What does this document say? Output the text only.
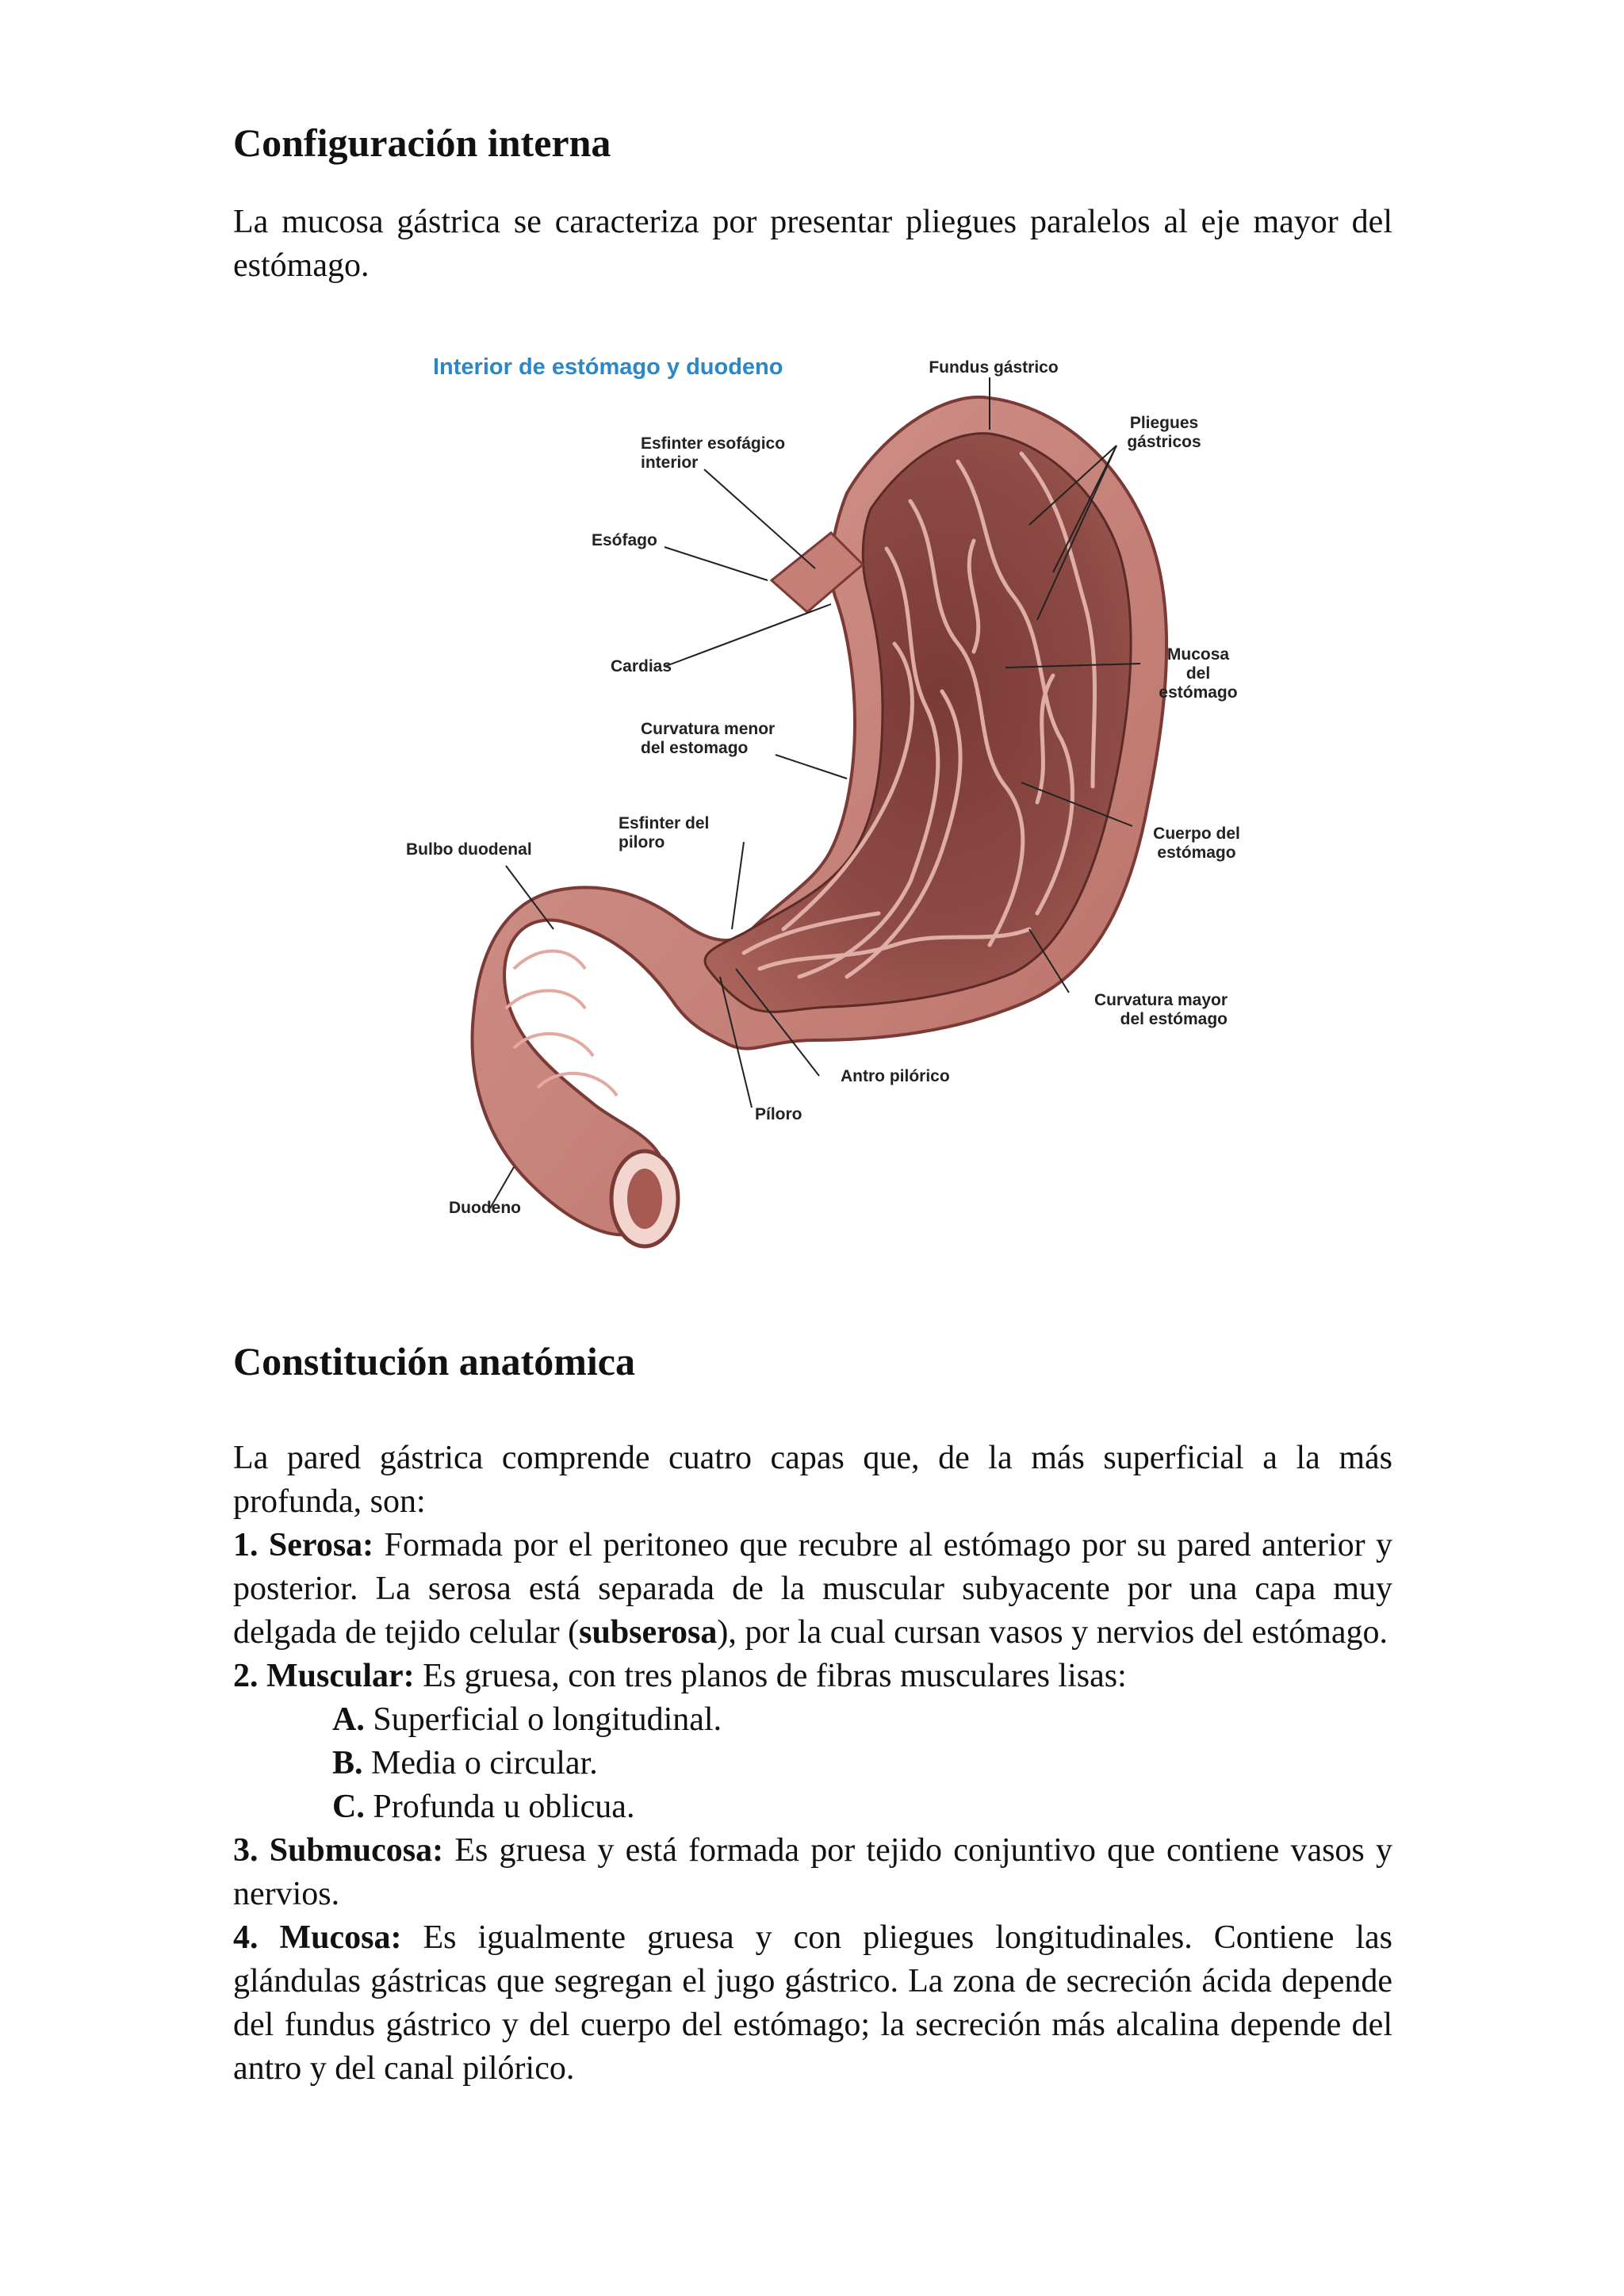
Configuración interna

La mucosa gástrica se caracteriza por presentar pliegues paralelos al eje mayor del estómago.

Interior de estómago y duodeno	Fundus gástrico
Pliegues
gástricos
Esfinter esofágico
interior
Esófago
Cardias
Mucosa
del
estómago
Curvatura menor
del estomago
Esfinter del
piloro
Bulbo duodenal
Cuerpo del
estómago
Curvatura mayor
del estómago
Antro pilórico
Píloro
Duodeno
Constitución anatómica

La pared gástrica comprende cuatro capas que, de la más superficial a la más profunda, son:

1. Serosa: Formada por el peritoneo que recubre al estómago por su pared anterior y posterior. La serosa está separada de la muscular subyacente por una capa muy delgada de tejido celular (subserosa), por la cual cursan vasos y nervios del estómago.

2. Muscular: Es gruesa, con tres planos de fibras musculares lisas:

A. Superficial o longitudinal.

B. Media o circular.

C. Profunda u oblicua.

3. Submucosa: Es gruesa y está formada por tejido conjuntivo que contiene vasos y nervios.

4. Mucosa: Es igualmente gruesa y con pliegues longitudinales. Contiene las glándulas gástricas que segregan el jugo gástrico. La zona de secreción ácida depende del fundus gástrico y del cuerpo del estómago; la secreción más alcalina depende del antro y del canal pilórico.
